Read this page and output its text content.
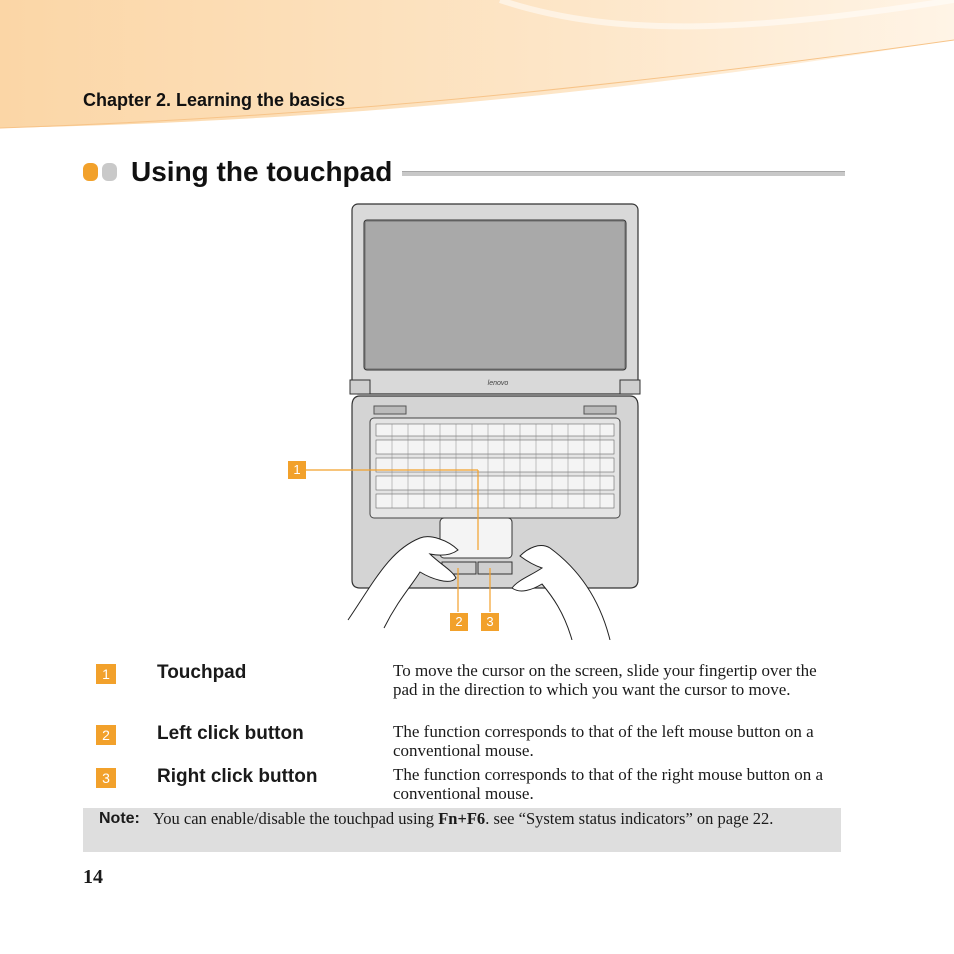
Chapter 2. Learning the basics
Using the touchpad
lenovo
1
2	3
1	Touchpad	To move the cursor on the screen, slide your fingertip over the pad in the direction to which you want the cursor to move.
2	Left click button	The function corresponds to that of the left mouse button on a conventional mouse.
3	Right click button	The function corresponds to that of the right mouse button on a conventional mouse.
Note: You can enable/disable the touchpad using Fn+F6. see “System status indicators” on page 22.
14
